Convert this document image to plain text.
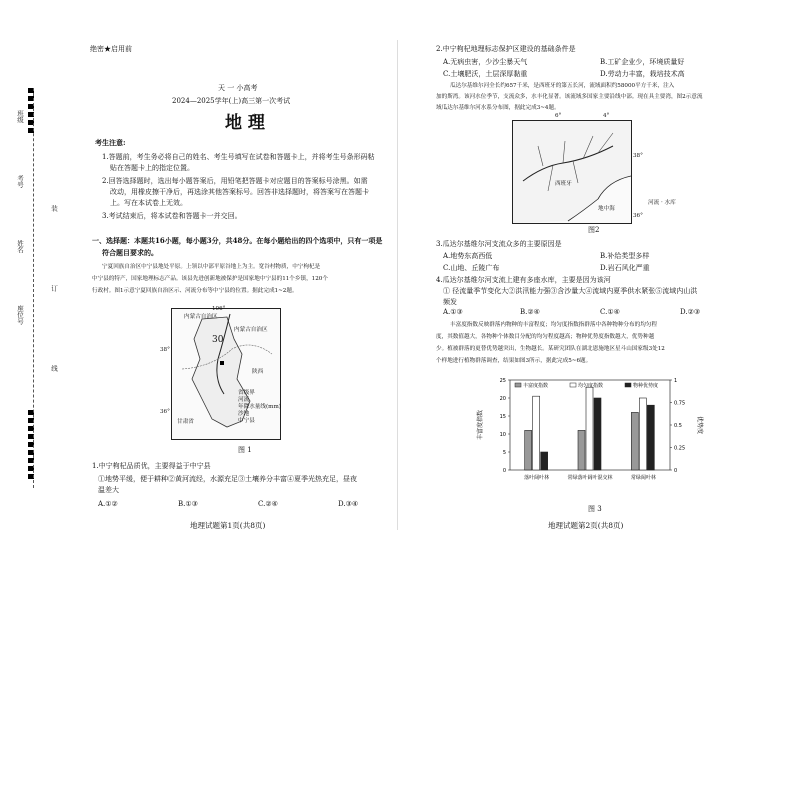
班级
考号
姓名
座位号
装
订
线
绝密★启用前
天 一 小高考
2024—2025学年(上)高三第一次考试
地 理
考生注意:
1.答题前，考生务必将自己的姓名、考生号填写在试卷和答题卡上，并将考生号条形码粘
贴在答题卡上的指定位置。
2.回答选择题时，选出每小题答案后，用铅笔把答题卡对应题目的答案标号涂黑。如需
改动，用橡皮擦干净后，再选涂其他答案标号。回答非选择题时，将答案写在答题卡
上。写在本试卷上无效。
3.考试结束后，将本试卷和答题卡一并交回。
一、选择题：本题共16小题，每小题3分，共48分。在每小题给出的四个选项中，只有一项是
符合题目要求的。
宁夏回族自治区中宁县地处平原。上领以中部平原谷地上为主。宽谷村物质，中宁枸杞是
中宁县的特产，国家地理标志产品。该县先进创新地被保护是国家地中宁县的11个乡镇，120个
行政村。图1示意宁夏回族自治区示、河流分布等中宁县的位置。据此完成1~2题。
内蒙古自治区
内蒙古自治区
106°
38°
36°
30
陕西
甘肃省
省级界
河流
年降水量线(mm)
沙地
中宁县
图 1
1.中宁枸杞品质优，主要得益于中宁县
①地势平缓，便于耕种②黄河流经，水源充足③土壤养分丰富④夏季光热充足，昼夜
温差大
A.①②	B.①③	C.②④	D.③④
地理试题第1页(共8页)
2.中宁枸杞地理标志保护区建设的基础条件是
A.无病虫害，少沙尘暴天气	B.工矿企业少，环境质量好
C.土壤肥沃，土层深厚黏重	D.劳动力丰富，栽培技术高
瓜达尔基维尔河全长约657千米，是西班牙的第五长河，流域面积约58000平方千米，注入
加的斯湾。该河水位季节，支流众多，水丰化显著。该流域多国家主要沿线中部。现在具主要湾，图2示意流
域瓜达尔基维尔河水系分布图，据此完成3~4题。
西班牙
地中海
6°	4°
38°
36°
河流 · 水库
图2
3.瓜达尔基维尔河支流众多的主要原因是
A.地势东高西低	B.补给类型多样
C.山地、丘陵广布	D.岩石风化严重
4.瓜达尔基维尔河支流上建有多座水库，主要是因为该河
① 径流量季节变化大②洪汛能力强③含沙量大④流域内夏季供水紧张⑤流域内山洪
频发
A.①③	B.②④	C.①④	D.②③
丰富度指数反映群落内物种的丰富程度；均匀度指数指群落中各种物种分布的均匀程
度，其数值越大，各物种个体数目分配的均匀程度越高；物种优势度指数越大，优势种越
少。植被群落的更替优势越突出，生物越长。某研究团队在湖北恩施地区星斗山国家级3处12
个样地进行植物群落调查，结果如图3所示，据此完成5~6题。
0
5
10
15
20
25
0
0.25
0.5
0.75
1
落叶阔叶林	常绿落叶阔叶混交林	常绿阔叶林
丰富度指数	均匀度指数	物种优势度
丰富度指数	优势度
图 3
地理试题第2页(共8页)
